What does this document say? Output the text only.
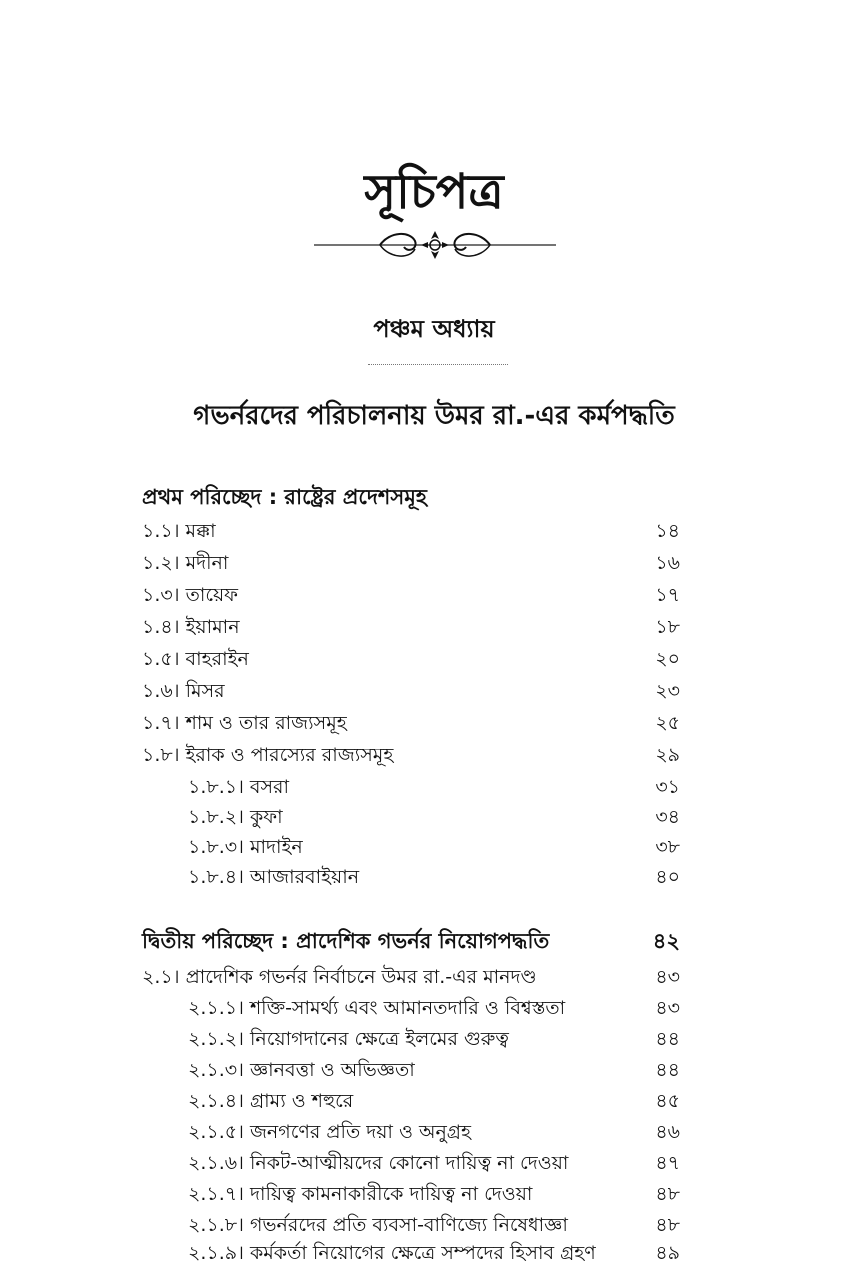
সূচিপত্র
পঞ্চম অধ্যায়
গভর্নরদের পরিচালনায় উমর রা.-এর কর্মপদ্ধতি
প্রথম পরিচ্ছেদ : রাষ্ট্রের প্রদেশসমূহ
১.১। মক্কা	১৪
১.২। মদীনা	১৬
১.৩। তায়েফ	১৭
১.৪। ইয়ামান	১৮
১.৫। বাহরাইন	২০
১.৬। মিসর	২৩
১.৭। শাম ও তার রাজ্যসমূহ	২৫
১.৮। ইরাক ও পারস্যের রাজ্যসমূহ	২৯
১.৮.১। বসরা	৩১
১.৮.২। কুফা	৩৪
১.৮.৩। মাদাইন	৩৮
১.৮.৪। আজারবাইয়ান	৪০
দ্বিতীয় পরিচ্ছেদ : প্রাদেশিক গভর্নর নিয়োগপদ্ধতি	৪২
২.১। প্রাদেশিক গভর্নর নির্বাচনে উমর রা.-এর মানদণ্ড	৪৩
২.১.১। শক্তি-সামর্থ্য এবং আমানতদারি ও বিশ্বস্ততা	৪৩
২.১.২। নিয়োগদানের ক্ষেত্রে ইলমের গুরুত্ব	৪৪
২.১.৩। জ্ঞানবত্তা ও অভিজ্ঞতা	৪৪
২.১.৪। গ্রাম্য ও শহুরে	৪৫
২.১.৫। জনগণের প্রতি দয়া ও অনুগ্রহ	৪৬
২.১.৬। নিকট-আত্মীয়দের কোনো দায়িত্ব না দেওয়া	৪৭
২.১.৭। দায়িত্ব কামনাকারীকে দায়িত্ব না দেওয়া	৪৮
২.১.৮। গভর্নরদের প্রতি ব্যবসা-বাণিজ্যে নিষেধাজ্ঞা	৪৮
২.১.৯। কর্মকর্তা নিয়োগের ক্ষেত্রে সম্পদের হিসাব গ্রহণ	৪৯
